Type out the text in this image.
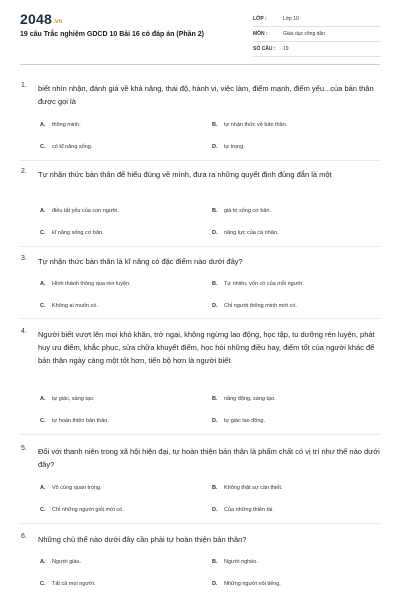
2048.vn
19 câu Trắc nghiệm GDCD 10 Bài 16 có đáp án (Phần 2)
LỚP :	Lớp 10
MÔN :	Giáo dục công dân
SỐ CÂU :	19
1. biết nhìn nhận, đánh giá về khả năng, thái độ, hành vi, việc làm, điểm mạnh, điểm yếu...của bản thân được gọi là
A. thông minh.	B. tự nhận thức về bản thân.
C. có kĩ năng sống.	D. tự trọng.
2. Tự nhận thức bản thân để hiểu đúng về mình, đưa ra những quyết định đúng đắn là một
A. điều tất yếu của con người.	B. giá trị sống cơ bản.
C. kĩ năng sống cơ bản.	D. năng lực của cá nhân.
3. Tự nhận thức bản thân là kĩ năng có đặc điểm nào dưới đây?
A. Hình thành thông qua rèn luyện.	B. Tự nhiên, vốn có của mỗi người.
C. Không ai muốn có.	D. Chỉ người thông minh mới có.
4. Người biết vượt lên mọi khó khăn, trở ngại, không ngừng lao động, học tập, tu dưỡng rèn luyện, phát huy ưu điểm, khắc phục, sửa chữa khuyết điểm, học hỏi những điều hay, điểm tốt của người khác để bản thân ngày càng một tốt hơn, tiến bộ hơn là người biết
A. tự giác, sáng tạo.	B. năng động, sáng tạo.
C. tự hoàn thiện bản thân.	D. tự giác lao động.
5. Đối với thanh niên trong xã hội hiện đại, tự hoàn thiện bản thân là phẩm chất có vị trí như thế nào dưới đây?
A. Vô cùng quan trọng.	B. Không thật sự cần thiết.
C. Chỉ những người giỏi mới có.	D. Của những thiên tài.
6. Những chủ thể nào dưới đây cần phải tự hoàn thiện bản thân?
A. Người giàu.	B. Người nghèo.
C. Tất cả mọi người.	D. Những người nổi tiếng.
